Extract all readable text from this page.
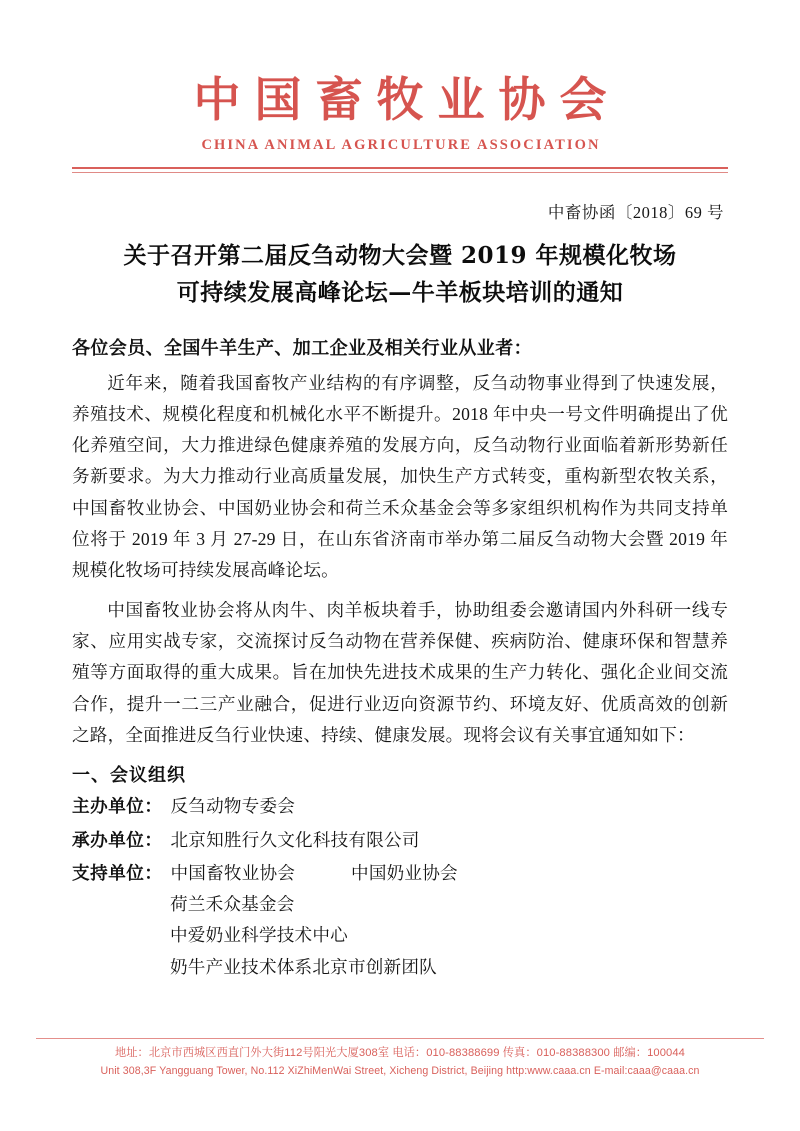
中国畜牧业协会
CHINA ANIMAL AGRICULTURE ASSOCIATION
中畜协函〔2018〕69 号
关于召开第二届反刍动物大会暨 2019 年规模化牧场
可持续发展高峰论坛—牛羊板块培训的通知
各位会员、全国牛羊生产、加工企业及相关行业从业者：

近年来，随着我国畜牧产业结构的有序调整，反刍动物事业得到了快速发展，养殖技术、规模化程度和机械化水平不断提升。2018 年中央一号文件明确提出了优化养殖空间，大力推进绿色健康养殖的发展方向，反刍动物行业面临着新形势新任务新要求。为大力推动行业高质量发展，加快生产方式转变，重构新型农牧关系，中国畜牧业协会、中国奶业协会和荷兰禾众基金会等多家组织机构作为共同支持单位将于 2019 年 3 月 27-29 日，在山东省济南市举办第二届反刍动物大会暨 2019 年规模化牧场可持续发展高峰论坛。

中国畜牧业协会将从肉牛、肉羊板块着手，协助组委会邀请国内外科研一线专家、应用实战专家，交流探讨反刍动物在营养保健、疾病防治、健康环保和智慧养殖等方面取得的重大成果。旨在加快先进技术成果的生产力转化、强化企业间交流合作，提升一二三产业融合，促进行业迈向资源节约、环境友好、优质高效的创新之路，全面推进反刍行业快速、持续、健康发展。现将会议有关事宜通知如下：

一、会议组织
主办单位： 反刍动物专委会
承办单位： 北京知胜行久文化科技有限公司
支持单位： 中国畜牧业协会	中国奶业协会
荷兰禾众基金会
中爱奶业科学技术中心
奶牛产业技术体系北京市创新团队
地址：北京市西城区西直门外大街112号阳光大厦308室 电话：010-88388699 传真：010-88388300 邮编：100044
Unit 308,3F Yangguang Tower, No.112 XiZhiMenWai Street, Xicheng District, Beijing http:www.caaa.cn E-mail:caaa@caaa.cn
